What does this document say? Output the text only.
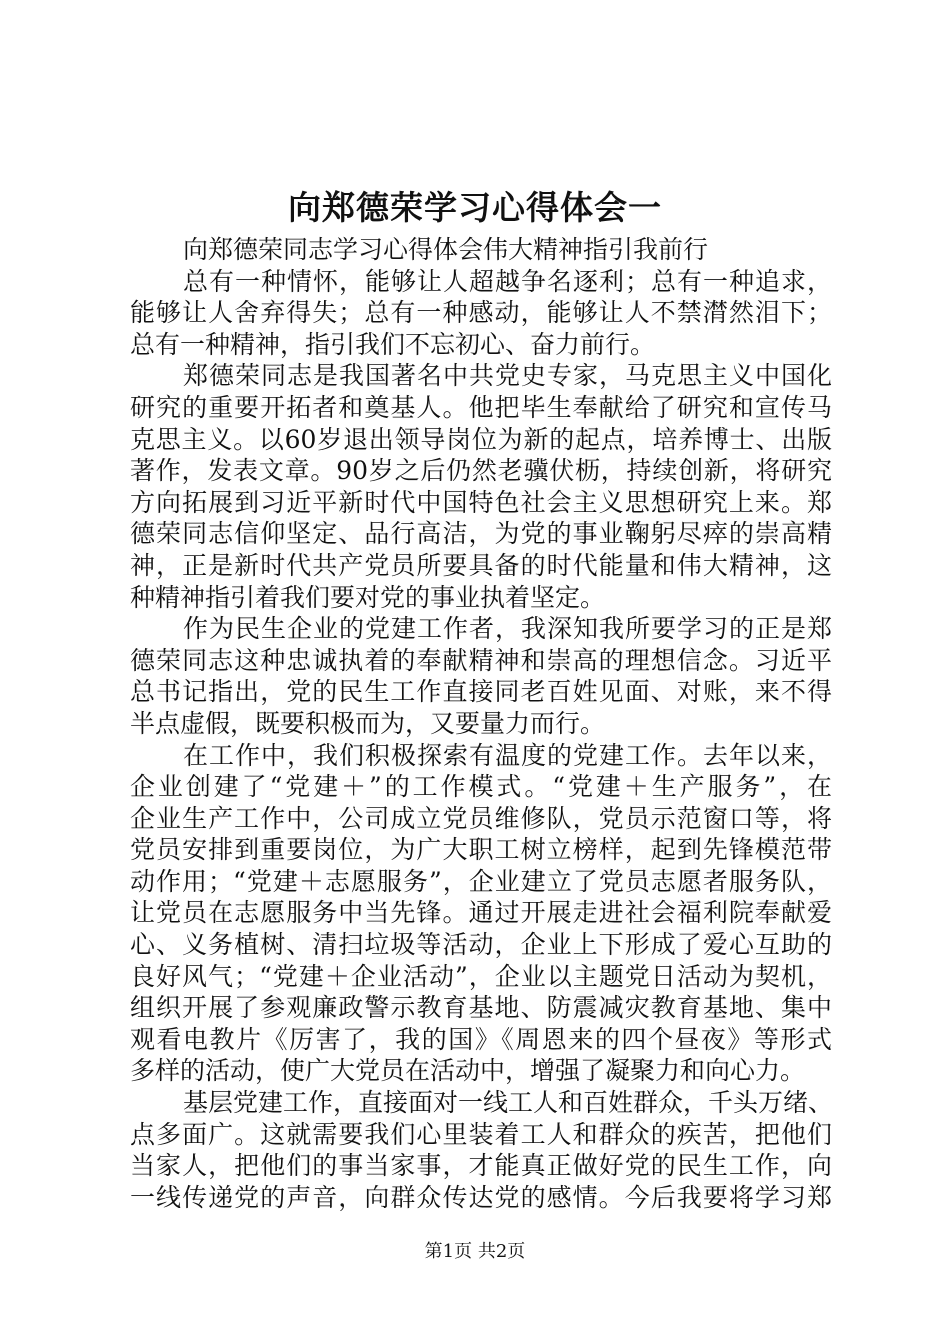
向郑德荣学习心得体会一
向郑德荣同志学习心得体会伟大精神指引我前行
总有一种情怀，能够让人超越争名逐利；总有一种追求，
能够让人舍弃得失；总有一种感动，能够让人不禁潸然泪下；
总有一种精神，指引我们不忘初心、奋力前行。
郑德荣同志是我国著名中共党史专家，马克思主义中国化
研究的重要开拓者和奠基人。他把毕生奉献给了研究和宣传马
克思主义。以60岁退出领导岗位为新的起点，培养博士、出版
著作，发表文章。90岁之后仍然老骥伏枥，持续创新，将研究
方向拓展到习近平新时代中国特色社会主义思想研究上来。郑
德荣同志信仰坚定、品行高洁，为党的事业鞠躬尽瘁的崇高精
神，正是新时代共产党员所要具备的时代能量和伟大精神，这
种精神指引着我们要对党的事业执着坚定。
作为民生企业的党建工作者，我深知我所要学习的正是郑
德荣同志这种忠诚执着的奉献精神和崇高的理想信念。习近平
总书记指出，党的民生工作直接同老百姓见面、对账，来不得
半点虚假，既要积极而为，又要量力而行。
在工作中，我们积极探索有温度的党建工作。去年以来，
企业创建了“党建＋”的工作模式。“党建＋生产服务”，在
企业生产工作中，公司成立党员维修队，党员示范窗口等，将
党员安排到重要岗位，为广大职工树立榜样，起到先锋模范带
动作用；“党建＋志愿服务”，企业建立了党员志愿者服务队，
让党员在志愿服务中当先锋。通过开展走进社会福利院奉献爱
心、义务植树、清扫垃圾等活动，企业上下形成了爱心互助的
良好风气；“党建＋企业活动”，企业以主题党日活动为契机，
组织开展了参观廉政警示教育基地、防震减灾教育基地、集中
观看电教片《厉害了，我的国》《周恩来的四个昼夜》等形式
多样的活动，使广大党员在活动中，增强了凝聚力和向心力。
基层党建工作，直接面对一线工人和百姓群众，千头万绪、
点多面广。这就需要我们心里装着工人和群众的疾苦，把他们
当家人，把他们的事当家事，才能真正做好党的民生工作，向
一线传递党的声音，向群众传达党的感情。今后我要将学习郑
第1页 共2页
